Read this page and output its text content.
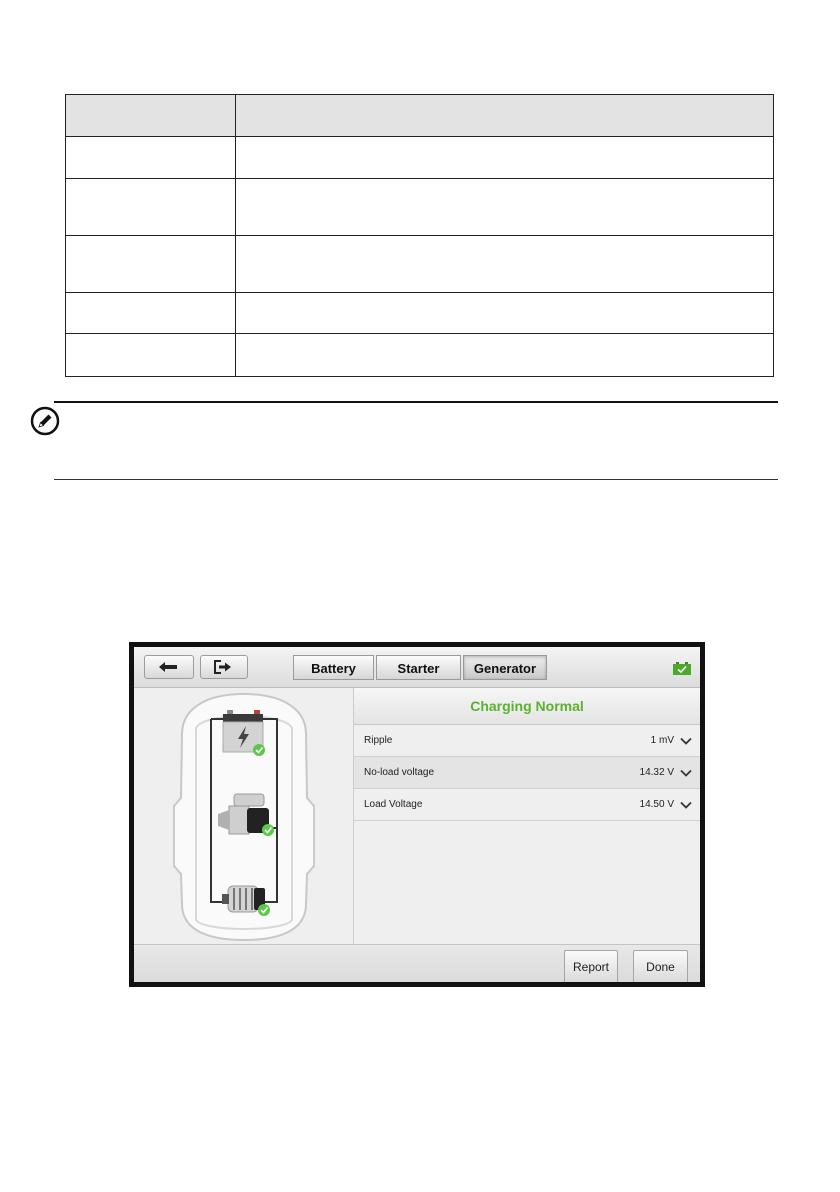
Battery	Starter	Generator
Charging Normal
Ripple	1 mV
No-load voltage	14.32 V
Load Voltage	14.50 V
Report	Done
